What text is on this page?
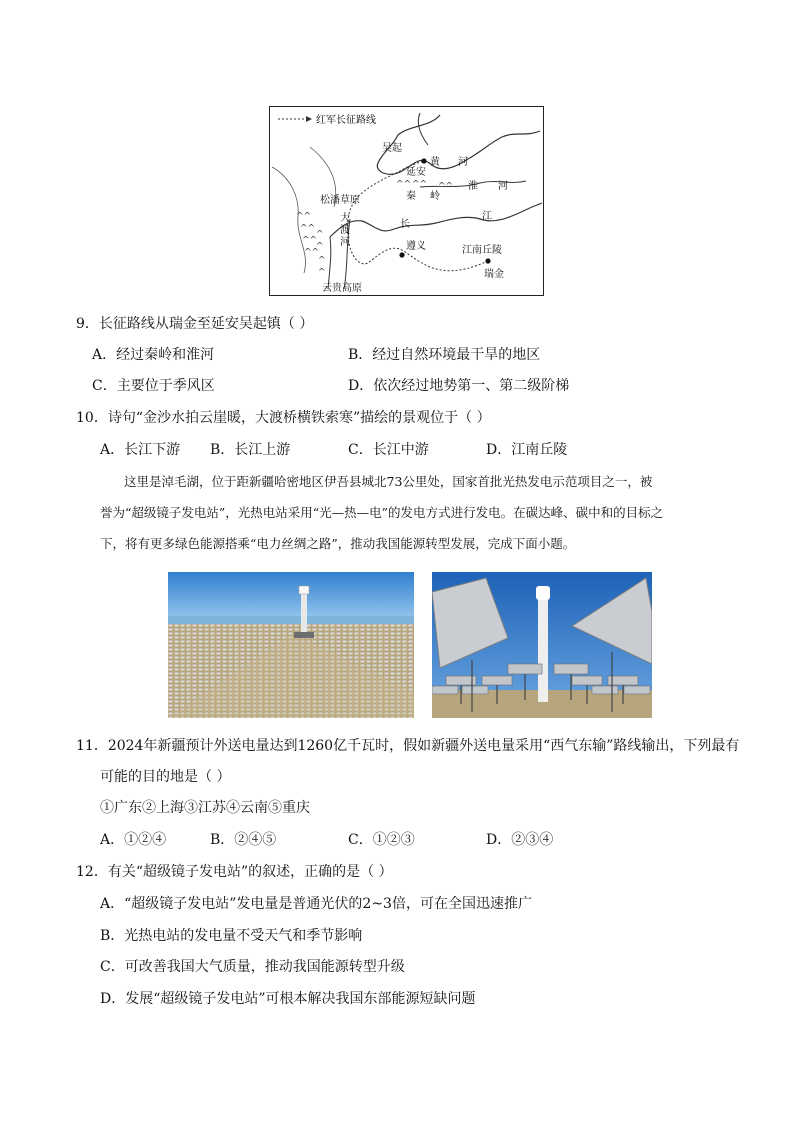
红军长征路线
^^ ^^ ^^
^^
^^
^^
^^
^
^
^
^
吴起
延安
黄 河
秦 岭
淮 河
松潘草原
大
渡
河
长
江
遵义	江南丘陵
瑞金
云贵高原
9．长征路线从瑞金至延安吴起镇（ ）
A．经过秦岭和淮河	B．经过自然环境最干旱的地区
C．主要位于季风区	D．依次经过地势第一、第二级阶梯
10．诗句“金沙水拍云崖暖，大渡桥横铁索寒”描绘的景观位于（ ）
A．长江下游 B．长江上游	C．长江中游	D．江南丘陵
这里是淖毛湖，位于距新疆哈密地区伊吾县城北73公里处，国家首批光热发电示范项目之一，被
誉为“超级镜子发电站”，光热电站采用“光—热—电”的发电方式进行发电。在碳达峰、碳中和的目标之
下，将有更多绿色能源搭乘“电力丝绸之路”，推动我国能源转型发展，完成下面小题。
11．2024年新疆预计外送电量达到1260亿千瓦时，假如新疆外送电量采用“西气东输”路线输出，下列最有
可能的目的地是（ ）
①广东②上海③江苏④云南⑤重庆
A．①②④	B．②④⑤	C．①②③	D．②③④
12．有关“超级镜子发电站”的叙述，正确的是（ ）
A．“超级镜子发电站”发电量是普通光伏的2~3倍，可在全国迅速推广
B．光热电站的发电量不受天气和季节影响
C．可改善我国大气质量，推动我国能源转型升级
D．发展“超级镜子发电站”可根本解决我国东部能源短缺问题
